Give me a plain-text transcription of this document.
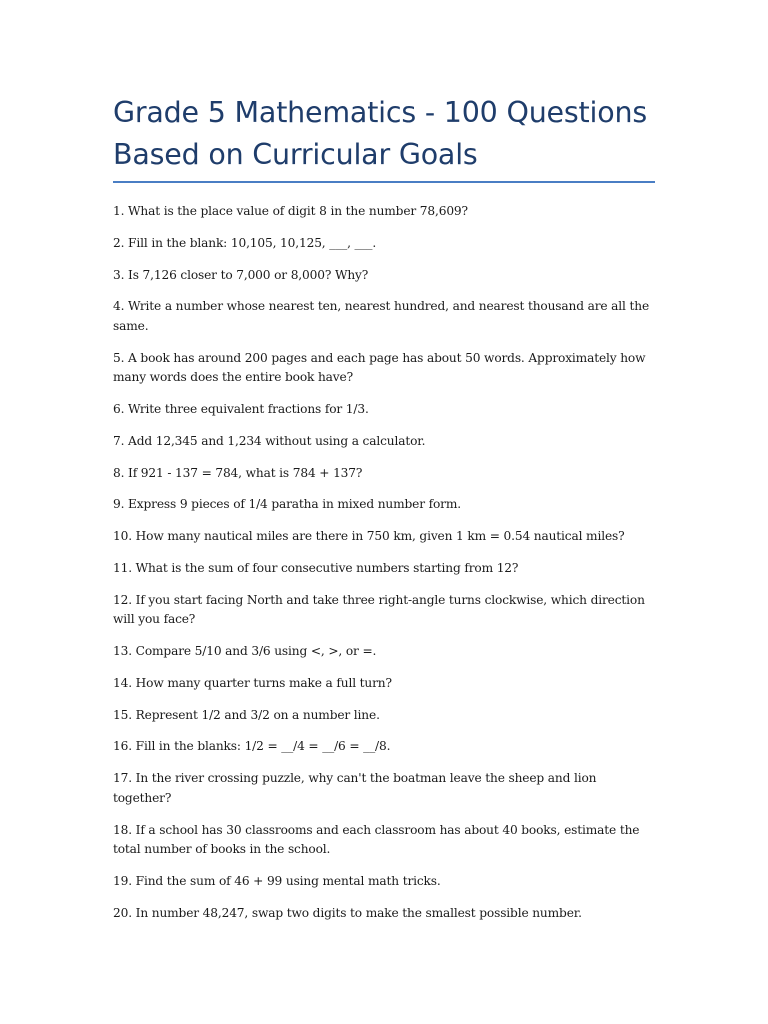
Grade 5 Mathematics - 100 Questions Based on Curricular Goals
1. What is the place value of digit 8 in the number 78,609?
2. Fill in the blank: 10,105, 10,125, ___, ___.
3. Is 7,126 closer to 7,000 or 8,000? Why?
4. Write a number whose nearest ten, nearest hundred, and nearest thousand are all the same.
5. A book has around 200 pages and each page has about 50 words. Approximately how many words does the entire book have?
6. Write three equivalent fractions for 1/3.
7. Add 12,345 and 1,234 without using a calculator.
8. If 921 - 137 = 784, what is 784 + 137?
9. Express 9 pieces of 1/4 paratha in mixed number form.
10. How many nautical miles are there in 750 km, given 1 km = 0.54 nautical miles?
11. What is the sum of four consecutive numbers starting from 12?
12. If you start facing North and take three right-angle turns clockwise, which direction will you face?
13. Compare 5/10 and 3/6 using <, >, or =.
14. How many quarter turns make a full turn?
15. Represent 1/2 and 3/2 on a number line.
16. Fill in the blanks: 1/2 = __/4 = __/6 = __/8.
17. In the river crossing puzzle, why can't the boatman leave the sheep and lion together?
18. If a school has 30 classrooms and each classroom has about 40 books, estimate the total number of books in the school.
19. Find the sum of 46 + 99 using mental math tricks.
20. In number 48,247, swap two digits to make the smallest possible number.
